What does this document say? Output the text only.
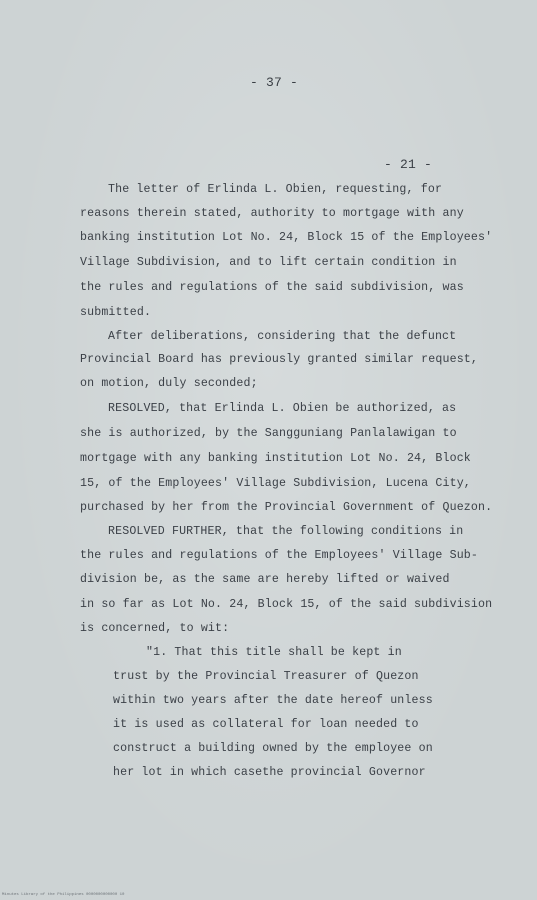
- 37 -
- 21 -
The letter of Erlinda L. Obien, requesting, for
reasons therein stated, authority to mortgage with any
banking institution Lot No. 24, Block 15 of the Employees'
Village Subdivision, and to lift certain condition in
the rules and regulations of the said subdivision, was
submitted.
After deliberations, considering that the defunct
Provincial Board has previously granted similar request,
on motion, duly seconded;
RESOLVED, that Erlinda L. Obien be authorized, as
she is authorized, by the Sangguniang Panlalawigan to
mortgage with any banking institution Lot No. 24, Block
15, of the Employees' Village Subdivision, Lucena City,
purchased by her from the Provincial Government of Quezon.
RESOLVED FURTHER, that the following conditions in
the rules and regulations of the Employees' Village Sub-
division be, as the same are hereby lifted or waived
in so far as Lot No. 24, Block 15, of the said subdivision
is concerned, to wit:
"1. That this title shall be kept in
trust by the Provincial Treasurer of Quezon
within two years after the date hereof unless
it is used as collateral for loan needed to
construct a building owned by the employee on
her lot in which casethe provincial Governor
Minutes Library of the Philippines 0000000000000 10
